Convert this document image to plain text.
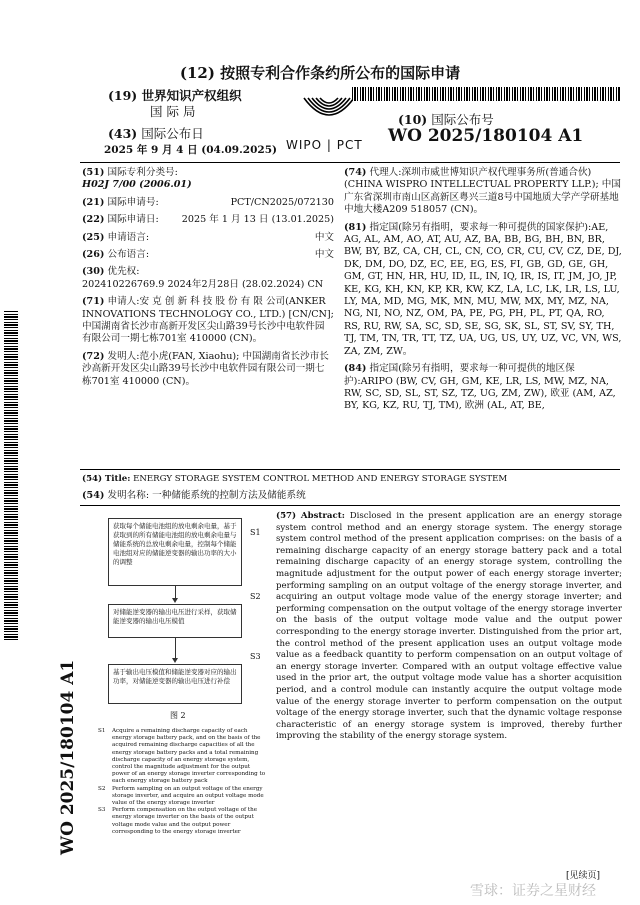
(12) 按照专利合作条约所公布的国际申请
(19) 世界知识产权组织
国 际 局
(43) 国际公布日
2025 年 9 月 4 日 (04.09.2025) WIPO | PCT
(10) 国际公布号
WO 2025/180104 A1
WO 2025/180104 A1
(51) 国际专利分类号:
H02J 7/00 (2006.01)
(21) 国际申请号:	PCT/CN2025/072130
(22) 国际申请日: 2025 年 1 月 13 日 (13.01.2025)
(25) 申请语言:	中文
(26) 公布语言:	中文
(30) 优先权:
202410226769.9 2024年2月28日 (28.02.2024) CN
(71) 申请人:安 克 创 新 科 技 股 份 有 限 公司(ANKER INNOVATIONS TECHNOLOGY CO., LTD.) [CN/CN]; 中国湖南省长沙市高新开发区尖山路39号长沙中电软件园有限公司一期七栋701室 410000 (CN)。
(72) 发明人:范小虎(FAN, Xiaohu); 中国湖南省长沙市长沙高新开发区尖山路39号长沙中电软件园有限公司一期七栋701室 410000 (CN)。
(74) 代理人:深圳市威世博知识产权代理事务所(普通合伙) (CHINA WISPRO INTELLECTUAL PROPERTY LLP.); 中国广东省深圳市南山区高新区粤兴三道8号中国地质大学产学研基地中地大楼A209 518057 (CN)。
(81) 指定国(除另有指明，要求每一种可提供的国家保护):AE, AG, AL, AM, AO, AT, AU, AZ, BA, BB, BG, BH, BN, BR, BW, BY, BZ, CA, CH, CL, CN, CO, CR, CU, CV, CZ, DE, DJ, DK, DM, DO, DZ, EC, EE, EG, ES, FI, GB, GD, GE, GH, GM, GT, HN, HR, HU, ID, IL, IN, IQ, IR, IS, IT, JM, JO, JP, KE, KG, KH, KN, KP, KR, KW, KZ, LA, LC, LK, LR, LS, LU, LY, MA, MD, MG, MK, MN, MU, MW, MX, MY, MZ, NA, NG, NI, NO, NZ, OM, PA, PE, PG, PH, PL, PT, QA, RO, RS, RU, RW, SA, SC, SD, SE, SG, SK, SL, ST, SV, SY, TH, TJ, TM, TN, TR, TT, TZ, UA, UG, US, UY, UZ, VC, VN, WS, ZA, ZM, ZW。
(84) 指定国(除另有指明，要求每一种可提供的地区保护):ARIPO (BW, CV, GH, GM, KE, LR, LS, MW, MZ, NA, RW, SC, SD, SL, ST, SZ, TZ, UG, ZM, ZW), 欧亚 (AM, AZ, BY, KG, KZ, RU, TJ, TM), 欧洲 (AL, AT, BE,
(54) Title: ENERGY STORAGE SYSTEM CONTROL METHOD AND ENERGY STORAGE SYSTEM
(54) 发明名称: 一种储能系统的控制方法及储能系统
获取每个储能电池组的放电剩余电量，基于获取到的所有储能电池组的放电剩余电量与储能系统的总放电剩余电量，控制每个储能电池组对应的储能逆变器的输出功率的大小的调整
S1
对储能逆变器的输出电压进行采样，获取储能逆变器的输出电压模值
S2
基于输出电压模值和储能逆变器对应的输出功率，对储能逆变器的输出电压进行补偿
S3
图 2
S1	Acquire a remaining discharge capacity of each energy storage battery pack, and on the basis of the acquired remaining discharge capacities of all the energy storage battery packs and a total remaining discharge capacity of an energy storage system, control the magnitude adjustment for the output power of an energy storage inverter corresponding to each energy storage battery pack
S2	Perform sampling on an output voltage of the energy storage inverter, and acquire an output voltage mode value of the energy storage inverter
S3	Perform compensation on the output voltage of the energy storage inverter on the basis of the output voltage mode value and the output power corresponding to the energy storage inverter
(57) Abstract: Disclosed in the present application are an energy storage system control method and an energy storage system. The energy storage system control method of the present application comprises: on the basis of a remaining discharge capacity of an energy storage battery pack and a total remaining discharge capacity of an energy storage system, controlling the magnitude adjustment for the output power of each energy storage inverter; performing sampling on an output voltage of the energy storage inverter, and acquiring an output voltage mode value of the energy storage inverter; and performing compensation on the output voltage of the energy storage inverter on the basis of the output voltage mode value and the output power corresponding to the energy storage inverter. Distinguished from the prior art, the control method of the present application uses an output voltage mode value as a feedback quantity to perform compensation on an output voltage of an energy storage inverter. Compared with an output voltage effective value used in the prior art, the output voltage mode value has a shorter acquisition period, and a control module can instantly acquire the output voltage mode value of the energy storage inverter to perform compensation on the output voltage of the energy storage inverter, such that the dynamic voltage response characteristic of an energy storage system is improved, thereby further improving the stability of the energy storage system.
[见续页]
雪球：证券之星财经
